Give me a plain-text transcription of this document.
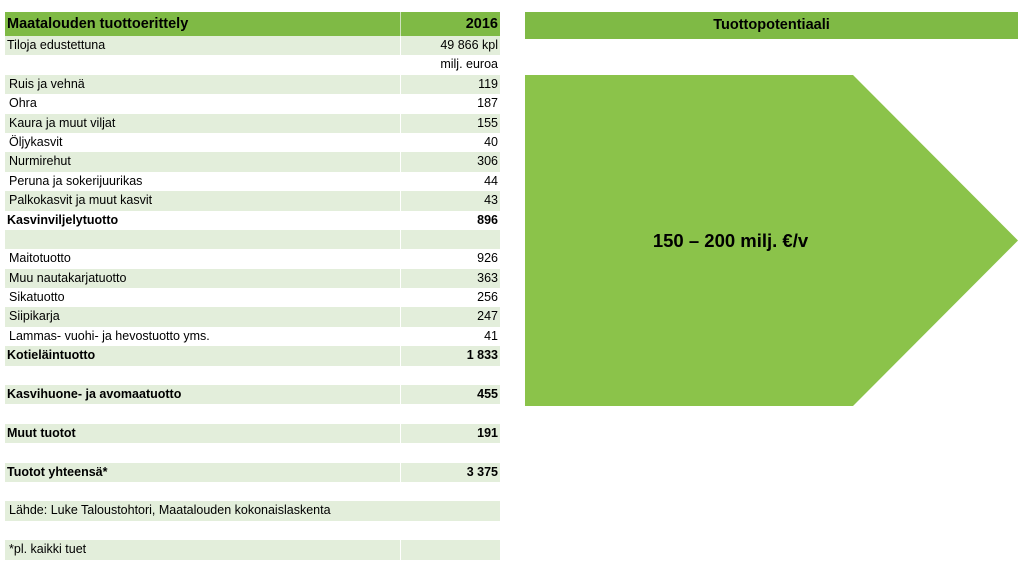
Maatalouden tuottoerittely	2016
Tiloja edustettuna	49 866 kpl
milj. euroa
Ruis ja vehnä	119
Ohra	187
Kaura ja muut viljat	155
Öljykasvit	40
Nurmirehut	306
Peruna ja sokerijuurikas	44
Palkokasvit ja muut kasvit	43
Kasvinviljelytuotto	896
Maitotuotto	926
Muu nautakarjatuotto	363
Sikatuotto	256
Siipikarja	247
Lammas- vuohi- ja hevostuotto yms.	41
Kotieläintuotto	1 833
Kasvihuone- ja avomaatuotto	455
Muut tuotot	191
Tuotot yhteensä*	3 375
Lähde: Luke Taloustohtori, Maatalouden kokonaislaskenta
*pl. kaikki tuet
Tuottopotentiaali
150 – 200 milj. €/v
